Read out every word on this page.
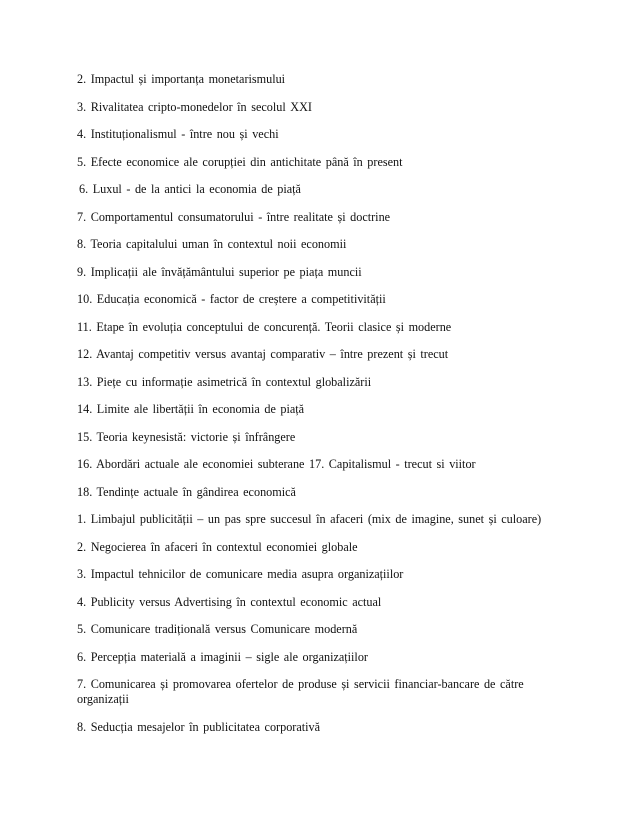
2. Impactul și importanța monetarismului
3. Rivalitatea cripto-monedelor în secolul XXI
4. Instituționalismul - între nou și vechi
5. Efecte economice ale corupției din antichitate până în present
6. Luxul - de la antici la economia de piață
7. Comportamentul consumatorului - între realitate și doctrine
8. Teoria capitalului uman în contextul noii economii
9. Implicații ale învățământului superior pe piața muncii
10. Educația economică - factor de creștere a competitivității
11. Etape în evoluția conceptului de concurență. Teorii clasice și moderne
12. Avantaj competitiv versus avantaj comparativ – între prezent și trecut
13. Piețe cu informație asimetrică în contextul globalizării
14. Limite ale libertății în economia de piață
15. Teoria keynesistă: victorie și înfrângere
16. Abordări actuale ale economiei subterane 17. Capitalismul - trecut si viitor
18. Tendințe actuale în gândirea economică
1. Limbajul publicității – un pas spre succesul în afaceri (mix de imagine, sunet și culoare)
2. Negocierea în afaceri în contextul economiei globale
3. Impactul tehnicilor de comunicare media asupra organizațiilor
4. Publicity versus Advertising în contextul economic actual
5. Comunicare tradițională versus Comunicare modernă
6. Percepția materială a imaginii – sigle ale organizațiilor
7. Comunicarea și promovarea ofertelor de produse și servicii financiar-bancare de către organizații
8. Seducția mesajelor în publicitatea corporativă
